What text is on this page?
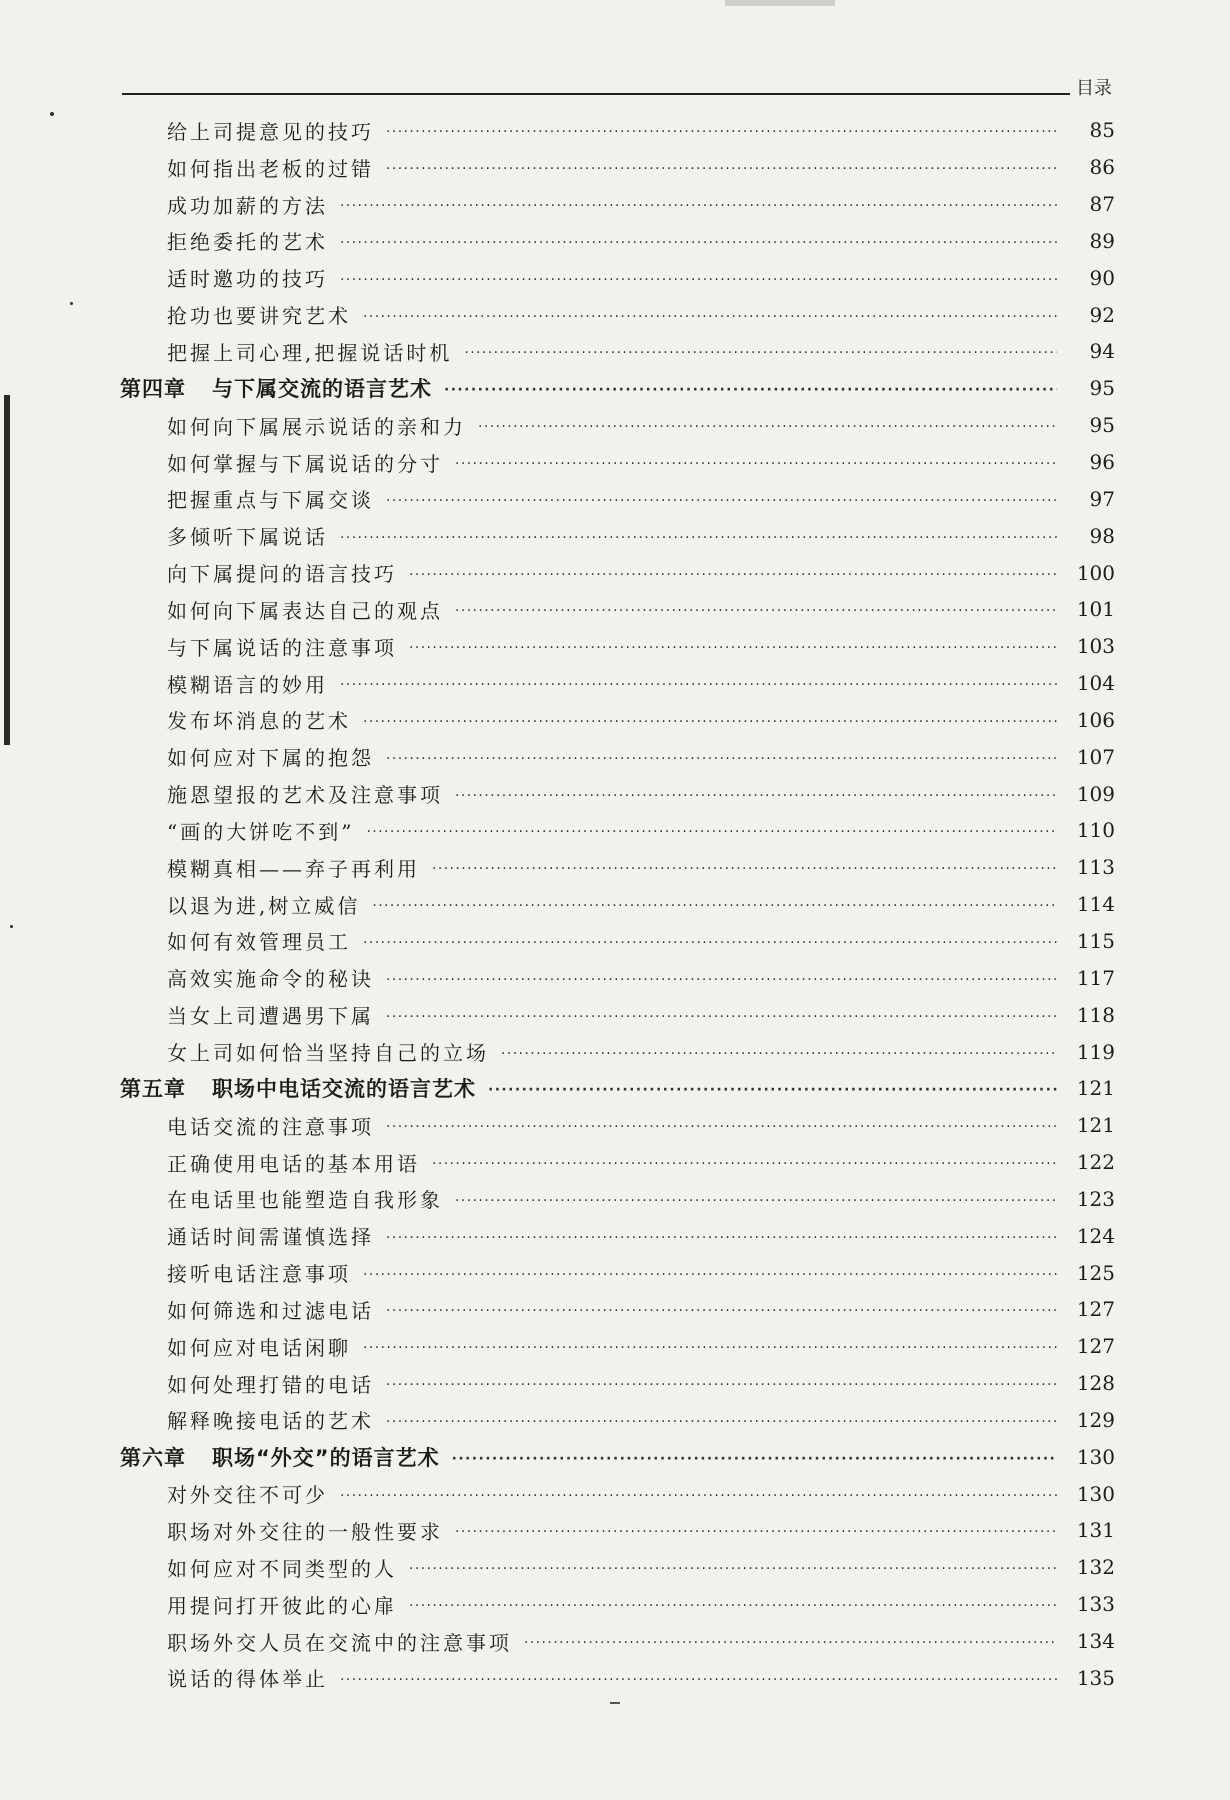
目录
给上司提意见的技巧 ·····	85
如何指出老板的过错 ·····	86
成功加薪的方法 ·····	87
拒绝委托的艺术 ·····	89
适时邀功的技巧 ·····	90
抢功也要讲究艺术 ·····	92
把握上司心理,把握说话时机 ·····	94
第四章 与下属交流的语言艺术 ·····	95
如何向下属展示说话的亲和力 ·····	95
如何掌握与下属说话的分寸 ·····	96
把握重点与下属交谈 ·····	97
多倾听下属说话 ·····	98
向下属提问的语言技巧 ·····	100
如何向下属表达自己的观点 ·····	101
与下属说话的注意事项 ·····	103
模糊语言的妙用 ·····	104
发布坏消息的艺术 ·····	106
如何应对下属的抱怨 ·····	107
施恩望报的艺术及注意事项 ·····	109
“画的大饼吃不到” ·····	110
模糊真相——弃子再利用 ·····	113
以退为进,树立威信 ·····	114
如何有效管理员工 ·····	115
高效实施命令的秘诀 ·····	117
当女上司遭遇男下属 ·····	118
女上司如何恰当坚持自己的立场 ·····	119
第五章 职场中电话交流的语言艺术 ·····	121
电话交流的注意事项 ·····	121
正确使用电话的基本用语 ·····	122
在电话里也能塑造自我形象 ·····	123
通话时间需谨慎选择 ·····	124
接听电话注意事项 ·····	125
如何筛选和过滤电话 ·····	127
如何应对电话闲聊 ·····	127
如何处理打错的电话 ·····	128
解释晚接电话的艺术 ·····	129
第六章 职场“外交”的语言艺术 ·····	130
对外交往不可少 ·····	130
职场对外交往的一般性要求 ·····	131
如何应对不同类型的人 ·····	132
用提问打开彼此的心扉 ·····	133
职场外交人员在交流中的注意事项 ·····	134
说话的得体举止 ·····	135
